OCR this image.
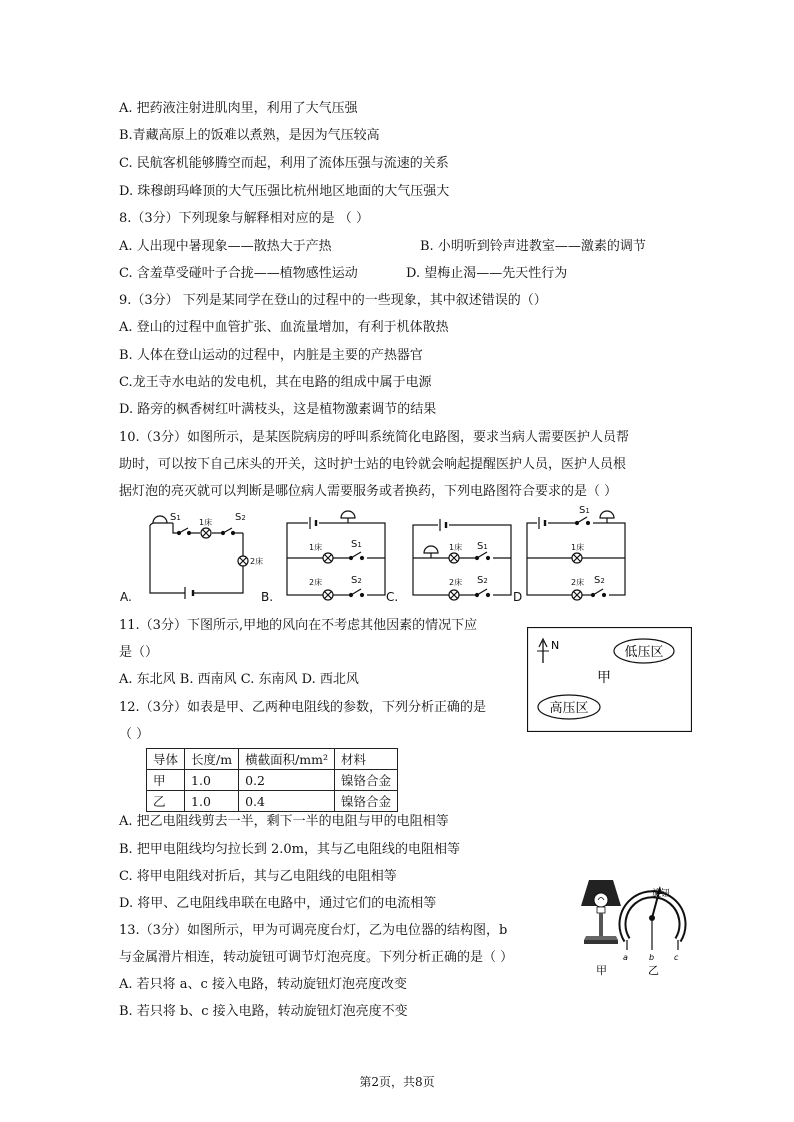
A. 把药液注射进肌肉里，利用了大气压强
B.青藏高原上的饭难以煮熟，是因为气压较高
C. 民航客机能够腾空而起，利用了流体压强与流速的关系
D. 珠穆朗玛峰顶的大气压强比杭州地区地面的大气压强大
8.（3分）下列现象与解释相对应的是 （ ）
A. 人出现中暑现象——散热大于产热	B. 小明听到铃声进教室——激素的调节
C. 含羞草受碰叶子合拢——植物感性运动	D. 望梅止渴——先天性行为
9.（3分） 下列是某同学在登山的过程中的一些现象，其中叙述错误的（）
A. 登山的过程中血管扩张、血流量增加，有利于机体散热
B. 人体在登山运动的过程中，内脏是主要的产热器官
C.龙王寺水电站的发电机，其在电路的组成中属于电源
D. 路旁的枫香树红叶满枝头，这是植物激素调节的结果
10.（3分）如图所示，是某医院病房的呼叫系统简化电路图，要求当病人需要医护人员帮
助时，可以按下自己床头的开关，这时护士站的电铃就会响起提醒医护人员，医护人员根
据灯泡的亮灭就可以判断是哪位病人需要服务或者换药，下列电路图符合要求的是（ ）
S1 1床 S2
2床
A.
1床	S1
2床	S2
B.
1床 S1
2床 S2
C.
S1
1床
2床 S2
D
11.（3分）下图所示,甲地的风向在不考虑其他因素的情况下应
是（）
A. 东北风 B. 西南风 C. 东南风 D. 西北风
N	低压区
甲
高压区
12.（3分）如表是甲、乙两种电阻线的参数，下列分析正确的是
（ ）
导体	长度/m	横截面积/mm²	材料
甲	1.0	0.2	镍铬合金
乙	1.0	0.4	镍铬合金
A. 把乙电阻线剪去一半，剩下一半的电阻与甲的电阻相等
B. 把甲电阻线均匀拉长到 2.0m，其与乙电阻线的电阻相等
C. 将甲电阻线对折后，其与乙电阻线的电阻相等
D. 将甲、乙电阻线串联在电路中，通过它们的电流相等
13.（3分）如图所示，甲为可调亮度台灯，乙为电位器的结构图，b
与金属滑片相连，转动旋钮可调节灯泡亮度。下列分析正确的是（ ）
A. 若只将 a、c 接入电路，转动旋钮灯泡亮度改变
B. 若只将 b、c 接入电路，转动旋钮灯泡亮度不变
旋钮
a	b c
甲	乙
第2页，共8页
